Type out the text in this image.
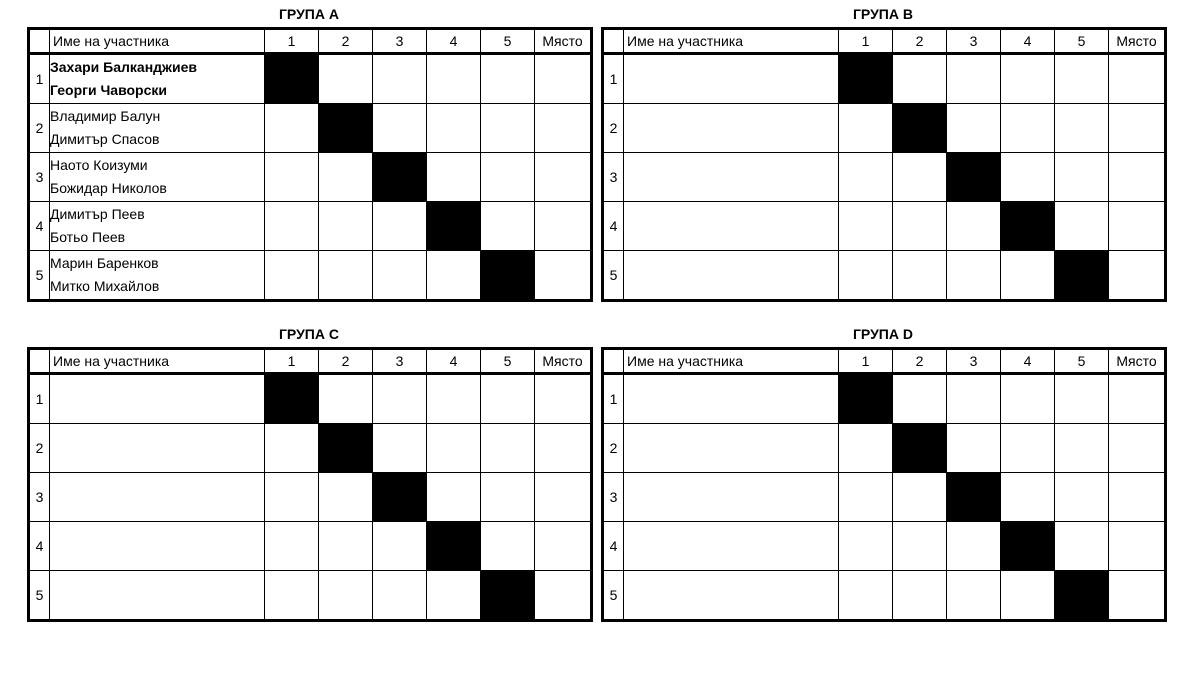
ГРУПА А
	Име на участника	1	2	3	4	5	Място
1	Захари Балканджиев
Георги Чаворски						

2	Владимир Балун
Димитър Спасов						

3	Наото Коизуми
Божидар Николов						

4	Димитър Пеев
Ботьо Пеев						

5	Марин Баренков
Митко Михайлов						

ГРУПА B
	Име на участника	1	2	3	4	5	Място
1	

2	

3	

4	

5	

ГРУПА C
	Име на участника	1	2	3	4	5	Място
1	

2	

3	

4	

5	

ГРУПА D
	Име на участника	1	2	3	4	5	Място
1	

2	

3	

4	

5	
